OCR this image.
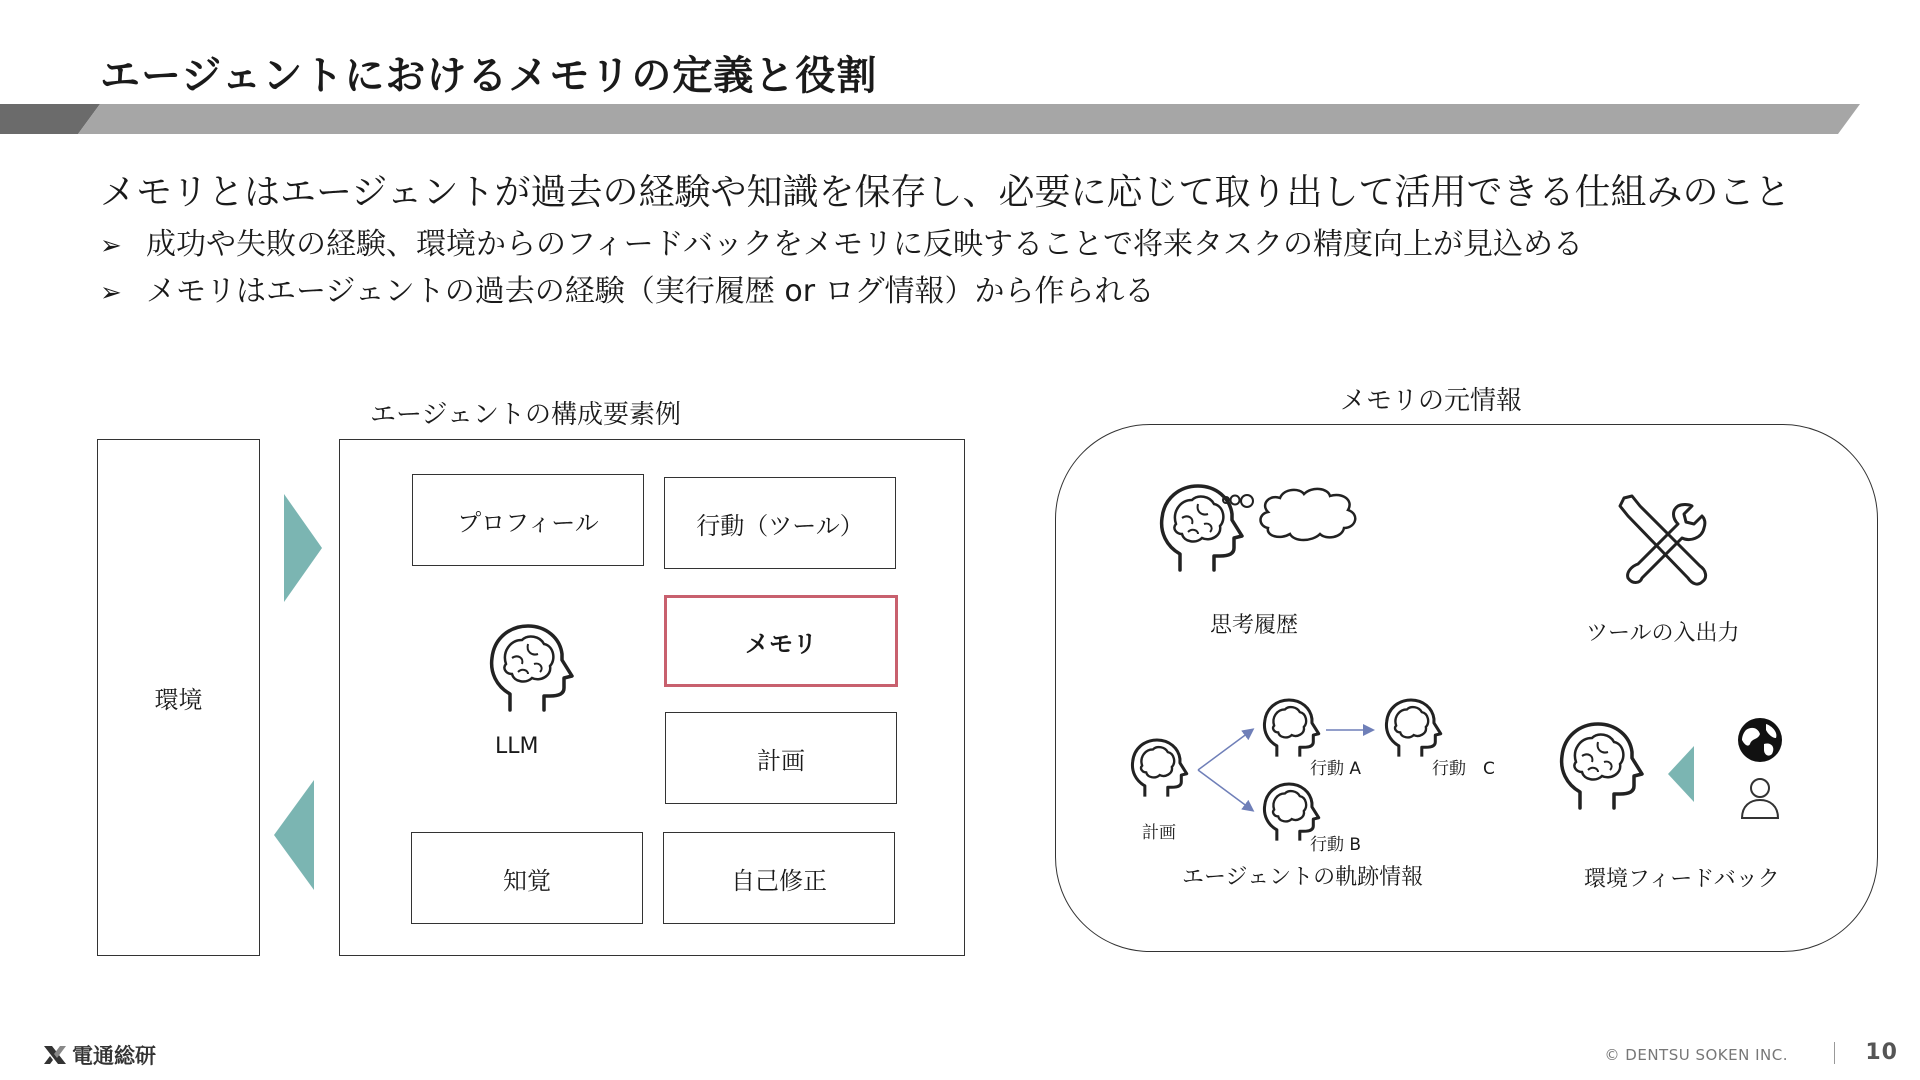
エージェントにおけるメモリの定義と役割
メモリとはエージェントが過去の経験や知識を保存し、必要に応じて取り出して活用できる仕組みのこと
➢ 成功や失敗の経験、環境からのフィードバックをメモリに反映することで将来タスクの精度向上が見込める
➢ メモリはエージェントの過去の経験（実行履歴 or ログ情報）から作られる
エージェントの構成要素例
環境
プロフィール	行動（ツール）
メモリ
計画
知覚	自己修正
LLM
メモリの元情報
思考履歴	ツールの入出力
計画
行動 A
行動 B
行動　C
エージェントの軌跡情報	環境フィードバック
電通総研	© DENTSU SOKEN INC.	10
